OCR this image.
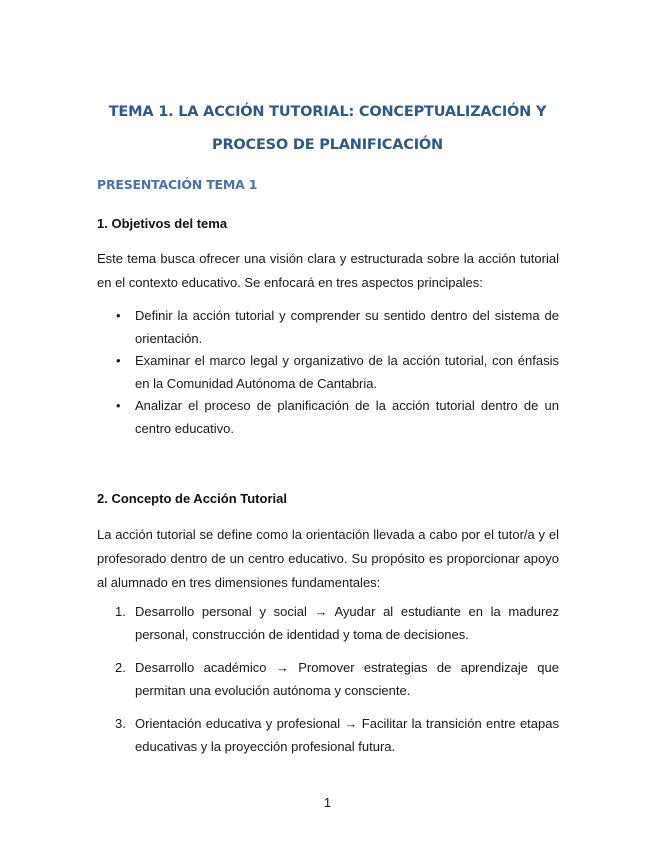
TEMA 1. LA ACCIÓN TUTORIAL: CONCEPTUALIZACIÓN Y
PROCESO DE PLANIFICACIÓN
PRESENTACIÓN TEMA 1
1. Objetivos del tema
Este tema busca ofrecer una visión clara y estructurada sobre la acción tutorial en el contexto educativo. Se enfocará en tres aspectos principales:
• Definir la acción tutorial y comprender su sentido dentro del sistema de orientación.
• Examinar el marco legal y organizativo de la acción tutorial, con énfasis en la Comunidad Autónoma de Cantabria.
• Analizar el proceso de planificación de la acción tutorial dentro de un centro educativo.
2. Concepto de Acción Tutorial
La acción tutorial se define como la orientación llevada a cabo por el tutor/a y el profesorado dentro de un centro educativo. Su propósito es proporcionar apoyo al alumnado en tres dimensiones fundamentales:
1. Desarrollo personal y social → Ayudar al estudiante en la madurez personal, construcción de identidad y toma de decisiones.
2. Desarrollo académico → Promover estrategias de aprendizaje que permitan una evolución autónoma y consciente.
3. Orientación educativa y profesional → Facilitar la transición entre etapas educativas y la proyección profesional futura.
1
